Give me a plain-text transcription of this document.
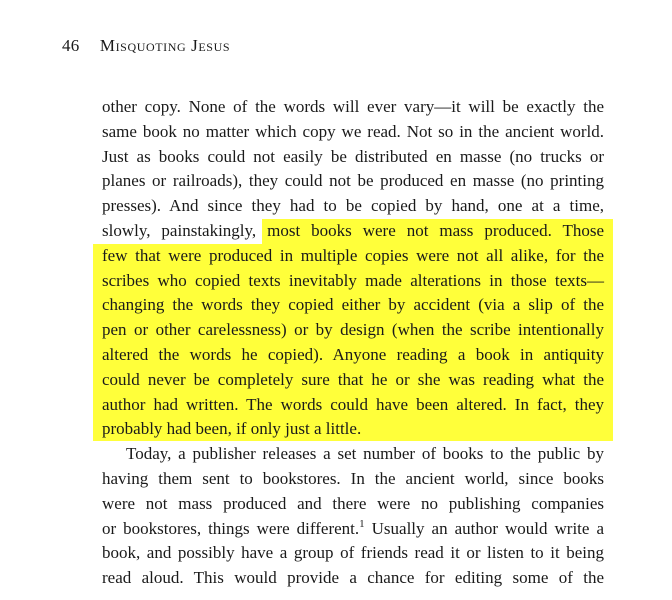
46 Misquoting Jesus
other copy. None of the words will ever vary—it will be exactly the
same book no matter which copy we read. Not so in the ancient world.
Just as books could not easily be distributed en masse (no trucks or
planes or railroads), they could not be produced en masse (no printing
presses). And since they had to be copied by hand, one at a time,
slowly, painstakingly, most books were not mass produced. Those
few that were produced in multiple copies were not all alike, for the
scribes who copied texts inevitably made alterations in those texts—
changing the words they copied either by accident (via a slip of the
pen or other carelessness) or by design (when the scribe intentionally
altered the words he copied). Anyone reading a book in antiquity
could never be completely sure that he or she was reading what the
author had written. The words could have been altered. In fact, they
probably had been, if only just a little.
Today, a publisher releases a set number of books to the public by
having them sent to bookstores. In the ancient world, since books
were not mass produced and there were no publishing companies
or bookstores, things were different.$^1$ Usually an author would write a
book, and possibly have a group of friends read it or listen to it being
read aloud. This would provide a chance for editing some of the
